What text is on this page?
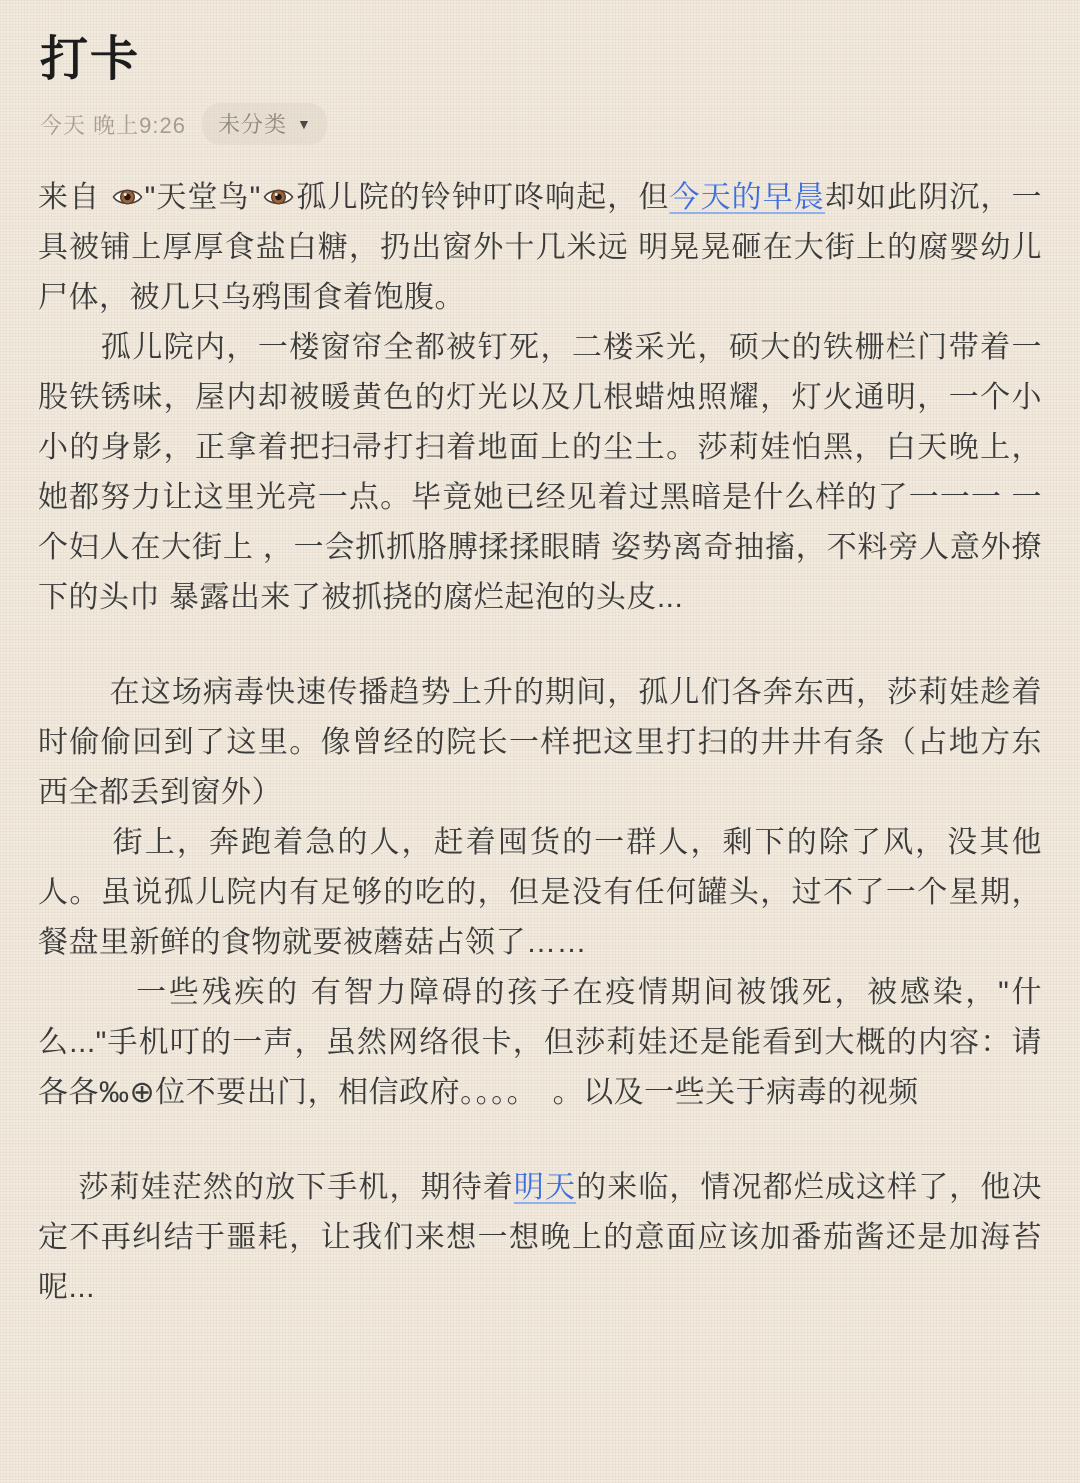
打卡
今天 晚上9:26 未分类 ▼

来自 "天堂鸟" 孤儿院的铃钟叮咚响起，但今天的早晨却如此阴沉，一具被铺上厚厚食盐白糖，扔出窗外十几米远 明晃晃砸在大街上的腐婴幼儿尸体，被几只乌鸦围食着饱腹。

　　孤儿院内，一楼窗帘全都被钉死，二楼采光，硕大的铁栅栏门带着一股铁锈味，屋内却被暖黄色的灯光以及几根蜡烛照耀，灯火通明，一个小小的身影，正拿着把扫帚打扫着地面上的尘土。莎莉娃怕黑，白天晚上，她都努力让这里光亮一点。毕竟她已经见着过黑暗是什么样的了一一一 一个妇人在大街上 ，一会抓抓胳膊揉揉眼睛 姿势离奇抽搐，不料旁人意外撩下的头巾 暴露出来了被抓挠的腐烂起泡的头皮...

　　 在这场病毒快速传播趋势上升的期间，孤儿们各奔东西，莎莉娃趁着时偷偷回到了这里。像曾经的院长一样把这里打扫的井井有条（占地方东西全都丢到窗外）

　　 街上，奔跑着急的人，赶着囤货的一群人，剩下的除了风，没其他人。虽说孤儿院内有足够的吃的，但是没有任何罐头，过不了一个星期，餐盘里新鲜的食物就要被蘑菇占领了……

　　　一些残疾的 有智力障碍的孩子在疫情期间被饿死，被感染，"什么..."手机叮的一声，虽然网络很卡，但莎莉娃还是能看到大概的内容：请各各‰⊕位不要出门，相信政府。。。。　。以及一些关于病毒的视频

　 莎莉娃茫然的放下手机，期待着明天的来临，情况都烂成这样了，他决定不再纠结于噩耗，让我们来想一想晚上的意面应该加番茄酱还是加海苔呢...
